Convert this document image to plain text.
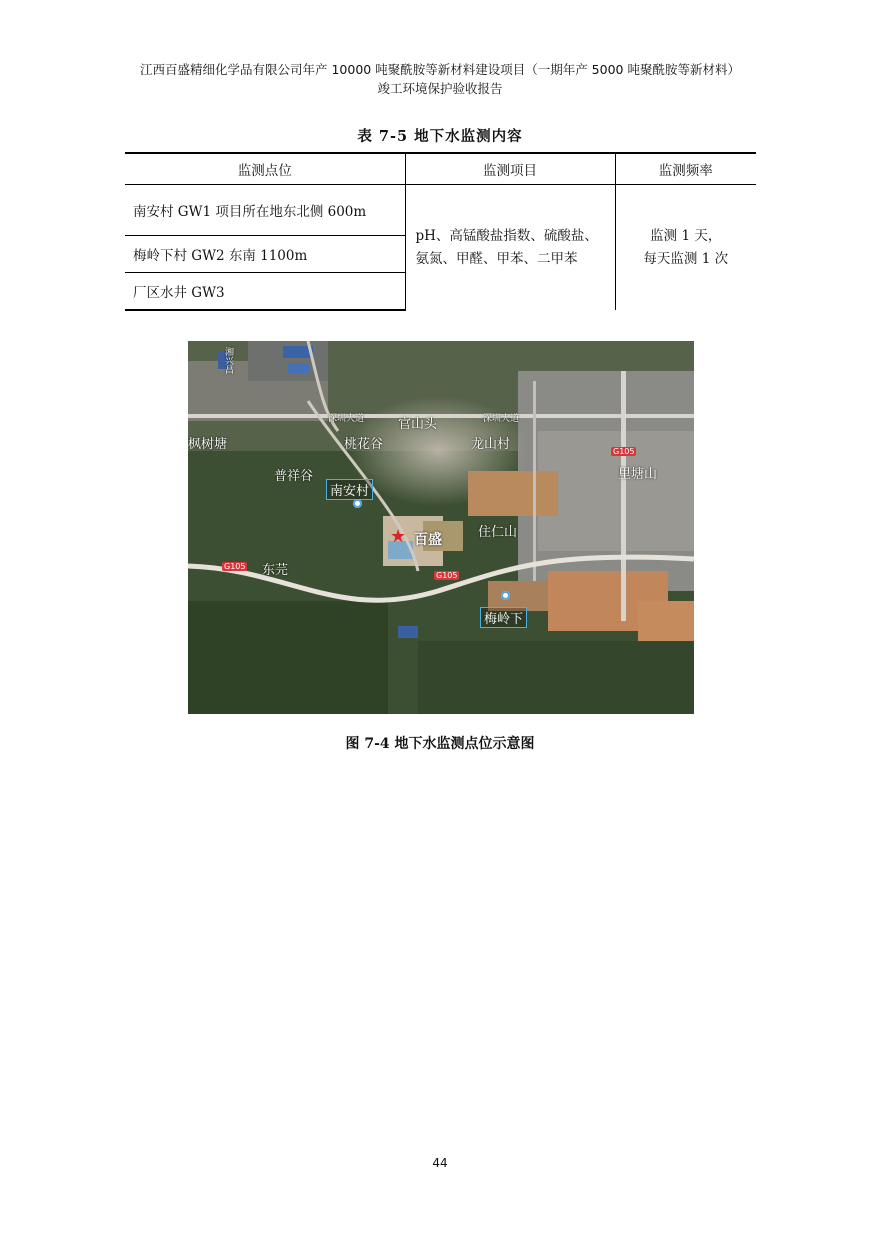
江西百盛精细化学品有限公司年产 10000 吨聚酰胺等新材料建设项目（一期年产 5000 吨聚酰胺等新材料）
竣工环境保护验收报告
表 7-5 地下水监测内容
监测点位	监测项目	监测频率
南安村 GW1 项目所在地东北侧 600m	pH、高锰酸盐指数、硫酸盐、氨氮、甲醛、甲苯、二甲苯	监测 1 天，
每天监测 1 次

梅岭下村 GW2 东南 1100m		
厂区水井 GW3		
深圳大道	深圳大道
官山头
枫树塘	桃花谷	龙山村	G105
里塘山
普祥谷
南安村
★ 百盛	住仁山
G105 东芫	G105
梅岭下
湘兴昌
图 7-4 地下水监测点位示意图
44
